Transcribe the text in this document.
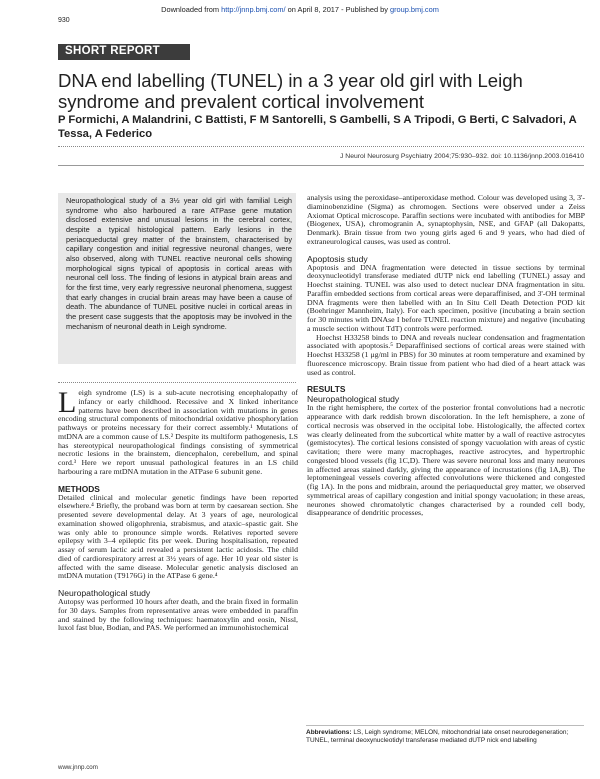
Downloaded from http://jnnp.bmj.com/ on April 8, 2017 - Published by group.bmj.com
930
SHORT REPORT
DNA end labelling (TUNEL) in a 3 year old girl with Leigh syndrome and prevalent cortical involvement
P Formichi, A Malandrini, C Battisti, F M Santorelli, S Gambelli, S A Tripodi, G Berti, C Salvadori, A Tessa, A Federico
J Neurol Neurosurg Psychiatry 2004;75:930–932. doi: 10.1136/jnnp.2003.016410

Neuropathological study of a 3½ year old girl with familial Leigh syndrome who also harboured a rare ATPase gene mutation disclosed extensive and unusual lesions in the cerebral cortex, despite a typical histological pattern. Early lesions in the periacqueductal grey matter of the brainstem, characterised by capillary congestion and initial regressive neuronal changes, were also observed, along with TUNEL reactive neuronal cells showing morphological signs typical of apoptosis in cortical areas with neuronal cell loss. The finding of lesions in atypical brain areas and for the first time, very early regressive neuronal phenomena, suggest that early changes in crucial brain areas may have been a cause of death. The abundance of TUNEL positive nuclei in cortical areas in the present case suggests that the apoptosis may be involved in the mechanism of neuronal death in Leigh syndrome.

Leigh syndrome (LS) is a sub-acute necrotising encephalopathy of infancy or early childhood. Recessive and X linked inheritance patterns have been described in association with mutations in genes encoding structural components of mitochondrial oxidative phosphorylation pathways or proteins necessary for their correct assembly.¹ Mutations of mtDNA are a common cause of LS.² Despite its multiform pathogenesis, LS has stereotypical neuropathological findings consisting of symmetrical necrotic lesions in the brainstem, diencephalon, cerebellum, and spinal cord.³ Here we report unusual pathological features in an LS child harbouring a rare mtDNA mutation in the ATPase 6 subunit gene.

METHODS

Detailed clinical and molecular genetic findings have been reported elsewhere.⁴ Briefly, the proband was born at term by caesarean section. She presented severe developmental delay. At 3 years of age, neurological examination showed oligophrenia, strabismus, and ataxic–spastic gait. She was only able to pronounce simple words. Relatives reported severe epilepsy with 3–4 epileptic fits per week. During hospitalisation, repeated assay of serum lactic acid revealed a persistent lactic acidosis. The child died of cardiorespiratory arrest at 3½ years of age. Her 10 year old sister is affected with the same disease. Molecular genetic analysis disclosed an mtDNA mutation (T9176G) in the ATPase 6 gene.⁴

Neuropathological study

Autopsy was performed 10 hours after death, and the brain fixed in formalin for 30 days. Samples from representative areas were embedded in paraffin and stained by the following techniques: haematoxylin and eosin, Nissl, luxol fast blue, Bodian, and PAS. We performed an immunohistochemical

analysis using the peroxidase–antiperoxidase method. Colour was developed using 3, 3'-diaminobenzidine (Sigma) as chromogen. Sections were observed under a Zeiss Axiomat Optical microscope. Paraffin sections were incubated with antibodies for MBP (Biogenex, USA), chromogranin A, synaptophysin, NSE, and GFAP (all Dakopatts, Denmark). Brain tissue from two young girls aged 6 and 9 years, who had died of extraneurological causes, was used as control.

Apoptosis study

Apoptosis and DNA fragmentation were detected in tissue sections by terminal deoxynucleotidyl transferase mediated dUTP nick end labelling (TUNEL) assay and Hoechst staining. TUNEL was also used to detect nuclear DNA fragmentation in situ. Paraffin embedded sections from cortical areas were deparaffinised, and 3'-OH terminal DNA fragments were then labelled with an In Situ Cell Death Detection POD kit (Boehringer Mannheim, Italy). For each specimen, positive (incubating a brain section for 30 minutes with DNAse I before TUNEL reaction mixture) and negative (incubating a muscle section without TdT) controls were performed.

Hoechst H33258 binds to DNA and reveals nuclear condensation and fragmentation associated with apoptosis.⁵ Deparaffinised sections of cortical areas were stained with Hoechst H33258 (1 μg/ml in PBS) for 30 minutes at room temperature and examined by fluorescence microscopy. Brain tissue from patient who had died of a heart attack was used as control.

RESULTS
Neuropathological study

In the right hemisphere, the cortex of the posterior frontal convolutions had a necrotic appearance with dark reddish brown discoloration. In the left hemisphere, a zone of cortical necrosis was observed in the occipital lobe. Histologically, the affected cortex was clearly delineated from the subcortical white matter by a wall of reactive astrocytes (gemistocytes). The cortical lesions consisted of spongy vacuolation with areas of cystic cavitation; there were many macrophages, reactive astrocytes, and hypertrophic congested blood vessels (fig 1C,D). There was severe neuronal loss and many neurones in affected areas stained darkly, giving the appearance of incrustations (fig 1A,B). The leptomeningeal vessels covering affected convolutions were thickened and congested (fig 1A). In the pons and midbrain, around the periaqueductal grey matter, we observed symmetrical areas of capillary congestion and initial spongy vacuolation; in these areas, neurones showed chromatolytic changes characterised by a rounded cell body, disappearance of dendritic processes,

Abbreviations: LS, Leigh syndrome; MELON, mitochondrial late onset neurodegeneration; TUNEL, terminal deoxynucleotidyl transferase mediated dUTP nick end labelling
www.jnnp.com
